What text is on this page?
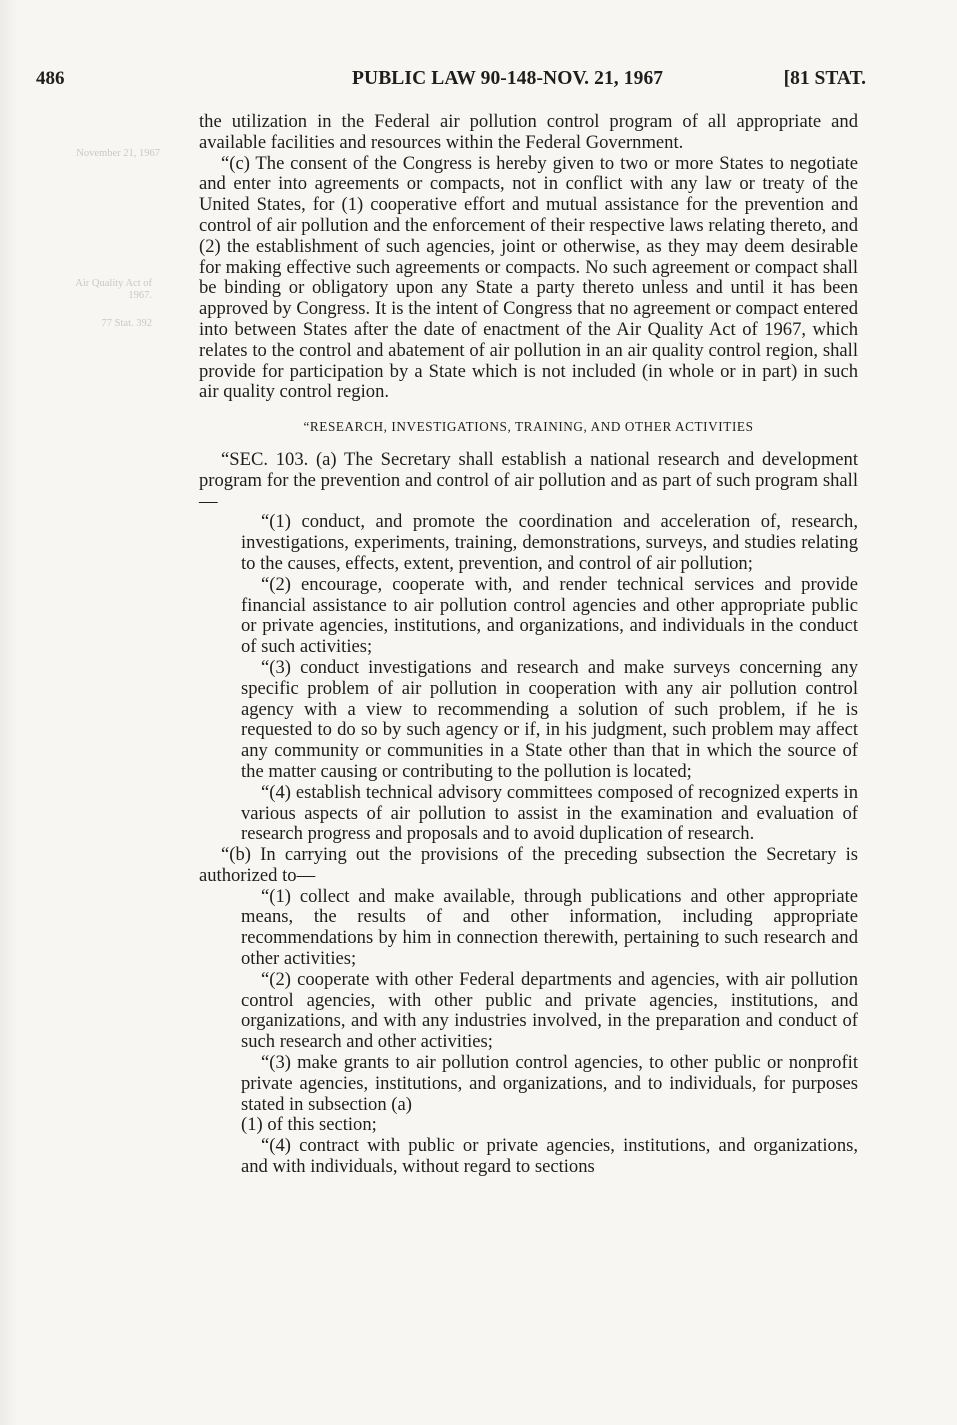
November 21, 1967
Air Quality Act of 1967.
77 Stat. 392
486	PUBLIC LAW 90-148-NOV. 21, 1967	[81 STAT.

the utilization in the Federal air pollution control program of all appropriate and available facilities and resources within the Federal Government.

“(c) The consent of the Congress is hereby given to two or more States to negotiate and enter into agreements or compacts, not in conflict with any law or treaty of the United States, for (1) cooperative effort and mutual assistance for the prevention and control of air pollution and the enforcement of their respective laws relating thereto, and (2) the establishment of such agencies, joint or otherwise, as they may deem desirable for making effective such agreements or compacts. No such agreement or compact shall be binding or obligatory upon any State a party thereto unless and until it has been approved by Congress. It is the intent of Congress that no agreement or compact entered into between States after the date of enactment of the Air Quality Act of 1967, which relates to the control and abatement of air pollution in an air quality control region, shall provide for participation by a State which is not included (in whole or in part) in such air quality control region.

“RESEARCH, INVESTIGATIONS, TRAINING, AND OTHER ACTIVITIES

“SEC. 103. (a) The Secretary shall establish a national research and development program for the prevention and control of air pollution and as part of such program shall—

“(1) conduct, and promote the coordination and acceleration of, research, investigations, experiments, training, demonstrations, surveys, and studies relating to the causes, effects, extent, prevention, and control of air pollution;

“(2) encourage, cooperate with, and render technical services and provide financial assistance to air pollution control agencies and other appropriate public or private agencies, institutions, and organizations, and individuals in the conduct of such activities;

“(3) conduct investigations and research and make surveys concerning any specific problem of air pollution in cooperation with any air pollution control agency with a view to recommending a solution of such problem, if he is requested to do so by such agency or if, in his judgment, such problem may affect any community or communities in a State other than that in which the source of the matter causing or contributing to the pollution is located;

“(4) establish technical advisory committees composed of recognized experts in various aspects of air pollution to assist in the examination and evaluation of research progress and proposals and to avoid duplication of research.

“(b) In carrying out the provisions of the preceding subsection the Secretary is authorized to—

“(1) collect and make available, through publications and other appropriate means, the results of and other information, including appropriate recommendations by him in connection therewith, pertaining to such research and other activities;

“(2) cooperate with other Federal departments and agencies, with air pollution control agencies, with other public and private agencies, institutions, and organizations, and with any industries involved, in the preparation and conduct of such research and other activities;

“(3) make grants to air pollution control agencies, to other public or nonprofit private agencies, institutions, and organizations, and to individuals, for purposes stated in subsection (a)

(1) of this section;

“(4) contract with public or private agencies, institutions, and organizations, and with individuals, without regard to sections
